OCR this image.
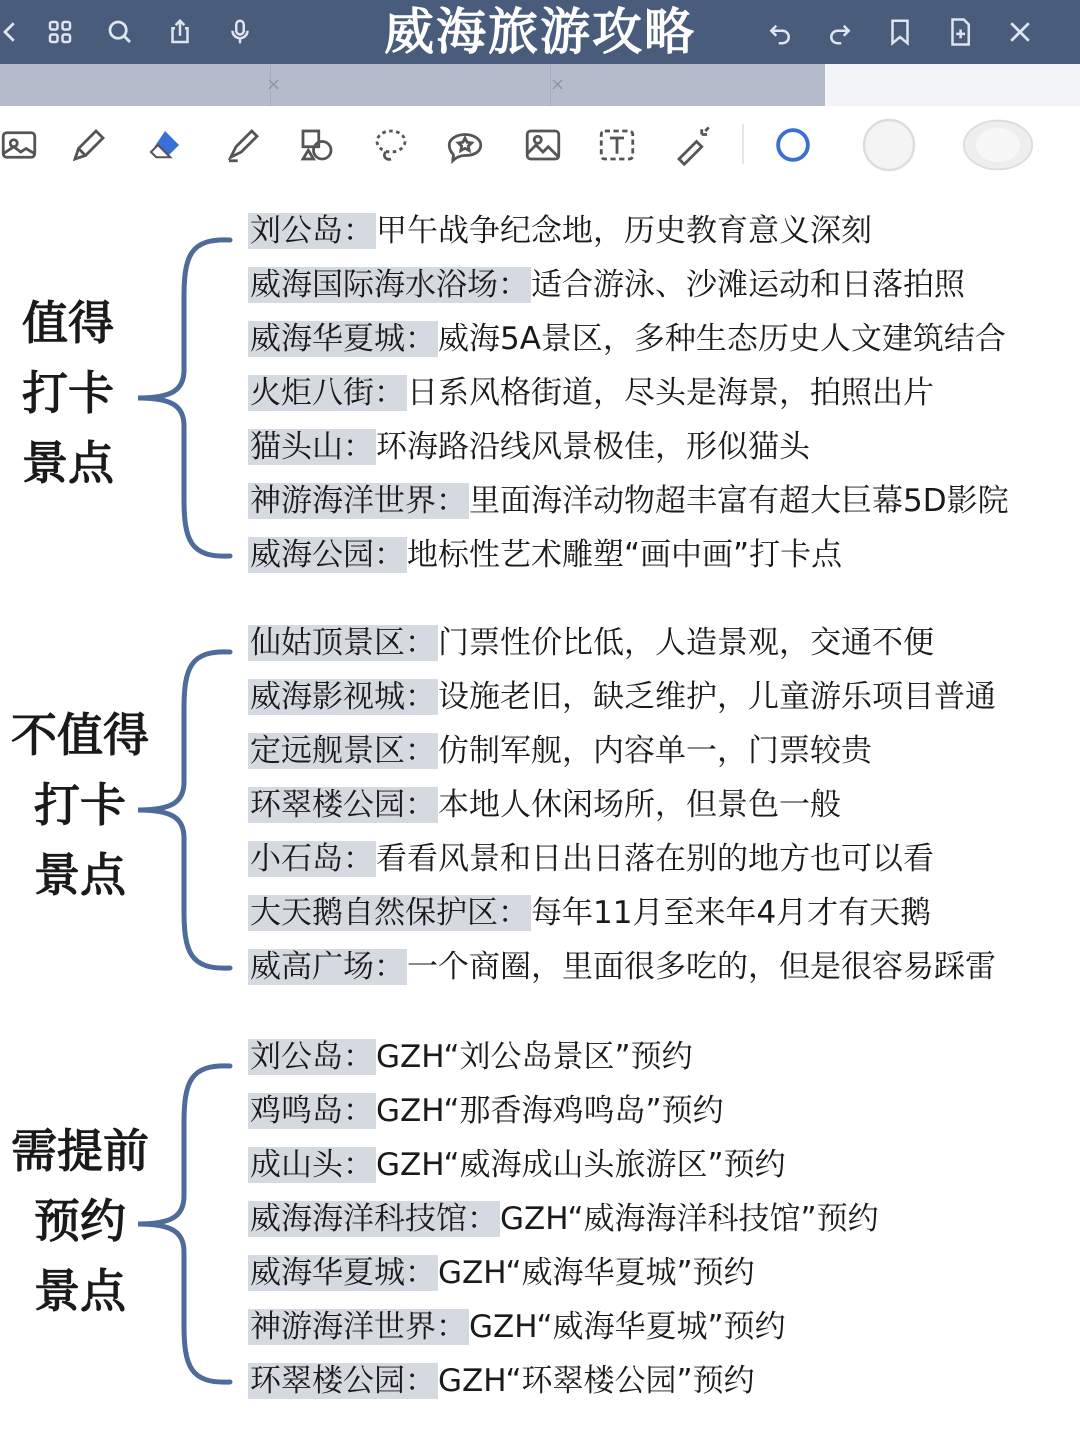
威海旅游攻略
×	×
值得
打卡
景点
刘公岛：甲午战争纪念地，历史教育意义深刻
威海国际海水浴场：适合游泳、沙滩运动和日落拍照
威海华夏城：威海5A景区，多种生态历史人文建筑结合
火炬八街：日系风格街道，尽头是海景，拍照出片
猫头山：环海路沿线风景极佳，形似猫头
神游海洋世界：里面海洋动物超丰富有超大巨幕5D影院
威海公园：地标性艺术雕塑“画中画”打卡点
不值得
打卡
景点
仙姑顶景区：门票性价比低，人造景观，交通不便
威海影视城：设施老旧，缺乏维护，儿童游乐项目普通
定远舰景区：仿制军舰，内容单一，门票较贵
环翠楼公园：本地人休闲场所，但景色一般
小石岛：看看风景和日出日落在别的地方也可以看
大天鹅自然保护区：每年11月至来年4月才有天鹅
威高广场：一个商圈，里面很多吃的，但是很容易踩雷
需提前
预约
景点
刘公岛：GZH“刘公岛景区”预约
鸡鸣岛：GZH“那香海鸡鸣岛”预约
成山头：GZH“威海成山头旅游区”预约
威海海洋科技馆：GZH“威海海洋科技馆”预约
威海华夏城：GZH“威海华夏城”预约
神游海洋世界：GZH“威海华夏城”预约
环翠楼公园：GZH“环翠楼公园”预约
